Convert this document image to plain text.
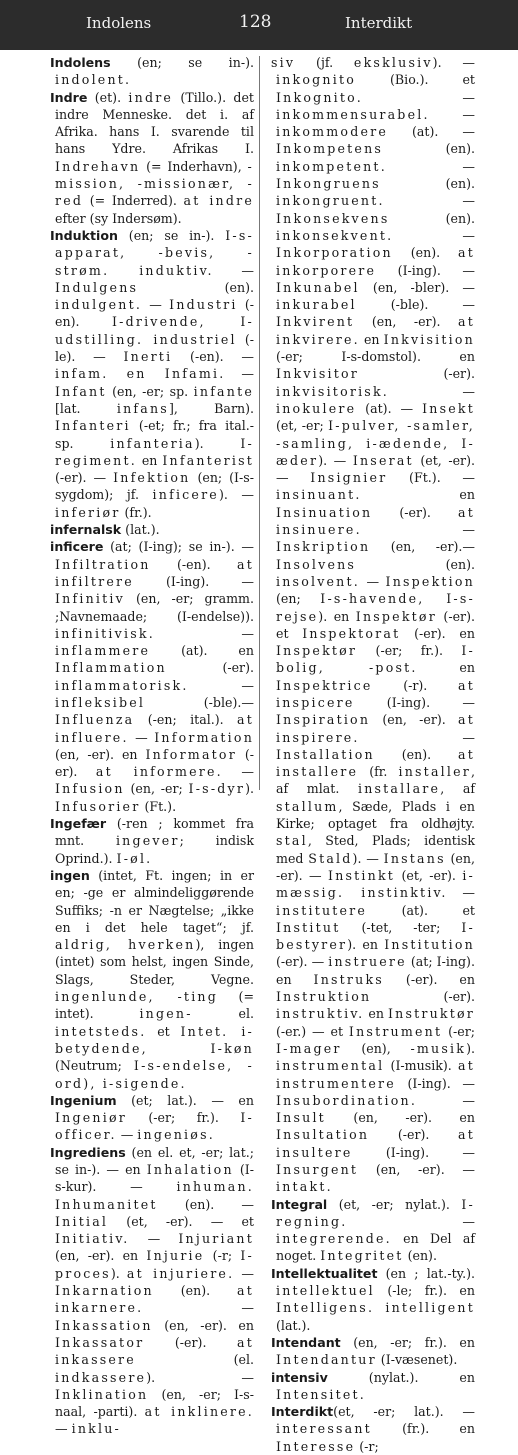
Indolens	128	Interdikt

Indolens (en; se in-). indolent.

Indre (et). indre (Tillo.). det indre Menneske. det i. af Afrika. hans I. svarende til hans Ydre. Afrikas I. Indrehavn (= Inderhavn), -mission, -missionær, -red (= Inderred). at indre efter (sy Indersøm).

Induktion (en; se in-). I-s-apparat, -bevis, -strøm. induktiv. — Indulgens (en). indulgent. — Industri (-en). I-drivende, I-udstilling. industriel (-le). — Inerti (-en). — infam. en Infami. — Infant (en, -er; sp. infante [lat. infans], Barn). Infanteri (-et; fr.; fra ital.-sp. infanteria). I-regiment. en Infanterist (-er). — Infektion (en; (I-s-sygdom); jf. inficere). — inferiør (fr.).

infernalsk (lat.).

inficere (at; (I-ing); se in-). — Infiltration (-en). at infiltrere (I-ing). — Infinitiv (en, -er; gramm. ;Navnemaade; (I-endelse)). infinitivisk. — inflammere (at). en Inflammation (-er). inflammatorisk. — infleksibel (-ble).—Influenza (-en; ital.). at influere. — Information (en, -er). en Informator (-er). at informere. — Infusion (en, -er; I-s-dyr). Infusorier (Ft.).

Ingefær (-ren ; kommet fra mnt. ingever; indisk Oprind.). I-øl.

ingen (intet, Ft. ingen; in er en; -ge er almindeliggørende Suffiks; -n er Nægtelse; „ikke en i det hele taget“; jf. aldrig, hverken), ingen (intet) som helst, ingen Sinde, Slags, Steder, Vegne. ingenlunde, -ting (= intet). ingen- el. intetsteds. et Intet. i-betydende, I-køn (Neutrum; I-s-endelse, -ord), i-sigende.

Ingenium (et; lat.). — en Ingeniør (-er; fr.). I-officer. — ingeniøs.

Ingrediens (en el. et, -er; lat.; se in-). — en Inhalation (I-s-kur). — inhuman. Inhumanitet (en). — Initial (et, -er). — et Initiativ. — Injuriant (en, -er). en Injurie (-r; I-proces). at injuriere. — Inkarnation (en). at inkarnere. — Inkassation (en, -er). en Inkassator (-er). at inkassere (el. indkassere). — Inklination (en, -er; I-s-naal, -parti). at inklinere. — inklu-

siv (jf. eksklusiv). — inkognito (Bio.). et Inkognito. — inkommensurabel. — inkommodere (at). — Inkompetens (en). inkompetent. — Inkongruens (en). inkongruent. — Inkonsekvens (en). inkonsekvent. — Inkorporation (en). at inkorporere (I-ing). — Inkunabel (en, -bler). — inkurabel (-ble). — Inkvirent (en, -er). at inkvirere. en Inkvisition (-er; I-s-domstol). en Inkvisitor (-er). inkvisitorisk. — inokulere (at). — Insekt (et, -er; I-pulver, -samler, -samling, i-ædende, I-æder). — Inserat (et, -er). — Insignier (Ft.). — insinuant. en Insinuation (-er). at insinuere. — Inskription (en, -er).—Insolvens (en). insolvent. — Inspektion (en; I-s-havende, I-s-rejse). en Inspektør (-er). et Inspektorat (-er). en Inspektør (-er; fr.). I-bolig, -post. en Inspektrice (-r). at inspicere (I-ing). — Inspiration (en, -er). at inspirere. — Installation (en). at installere (fr. installer, af mlat. installare, af stallum, Sæde, Plads i en Kirke; optaget fra oldhøjty. stal, Sted, Plads; identisk med Stald). — Instans (en, -er). — Instinkt (et, -er). i-mæssig. instinktiv. — institutere (at). et Institut (-tet, -ter; I-bestyrer). en Institution (-er). — instruere (at; I-ing). en Instruks (-er). en Instruktion (-er). instruktiv. en Instruktør (-er.) — et Instrument (-er; I-mager (en), -musik). instrumental (I-musik). at instrumentere (I-ing). — Insubordination. — Insult (en, -er). en Insultation (-er). at insultere (I-ing). —Insurgent (en, -er). — intakt.

Integral (et, -er; nylat.). I-regning. — integrerende. en Del af noget. Integritet (en).

Intellektualitet (en ; lat.-ty.). intellektuel (-le; fr.). en Intelligens. intelligent (lat.).

Intendant (en, -er; fr.). en Intendantur (I-væsenet).

intensiv (nylat.). en Intensitet.

Interdikt(et, -er; lat.). — interessant (fr.). en Interesse (-r;
